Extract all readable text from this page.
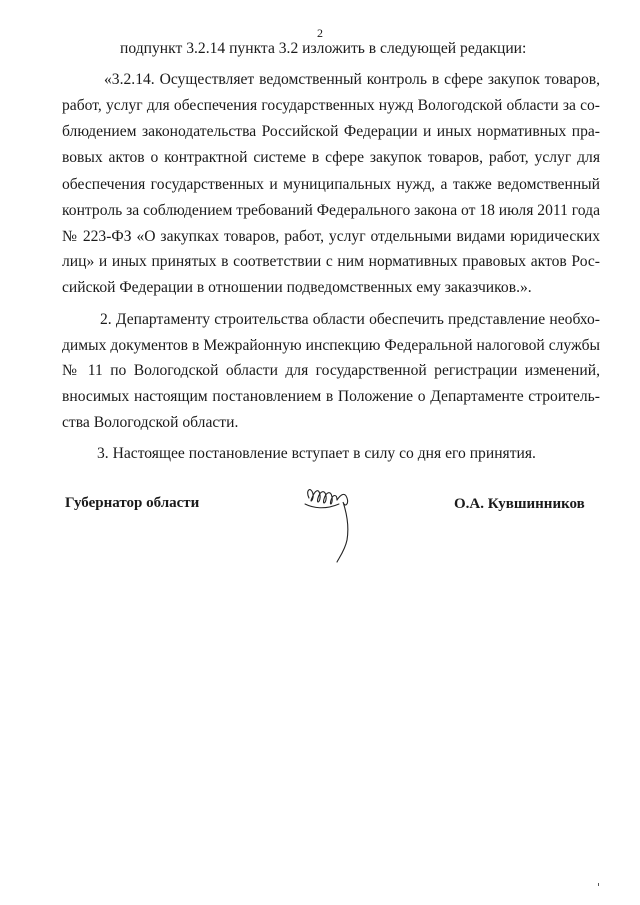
2
подпункт 3.2.14 пункта 3.2 изложить в следующей редакции:
«3.2.14. Осуществляет ведомственный контроль в сфере закупок товаров,
работ, услуг для обеспечения государственных нужд Вологодской области за со-
блюдением законодательства Российской Федерации и иных нормативных пра-
вовых актов о контрактной системе в сфере закупок товаров, работ, услуг для
обеспечения государственных и муниципальных нужд, а также ведомственный
контроль за соблюдением требований Федерального закона от 18 июля 2011 года
№ 223-ФЗ «О закупках товаров, работ, услуг отдельными видами юридических
лиц» и иных принятых в соответствии с ним нормативных правовых актов Рос-
сийской Федерации в отношении подведомственных ему заказчиков.».
2. Департаменту строительства области обеспечить представление необхо-
димых документов в Межрайонную инспекцию Федеральной налоговой службы
№ 11 по Вологодской области для государственной регистрации изменений,
вносимых настоящим постановлением в Положение о Департаменте строитель-
ства Вологодской области.
3. Настоящее постановление вступает в силу со дня его принятия.
Губернатор области	О.А. Кувшинников
